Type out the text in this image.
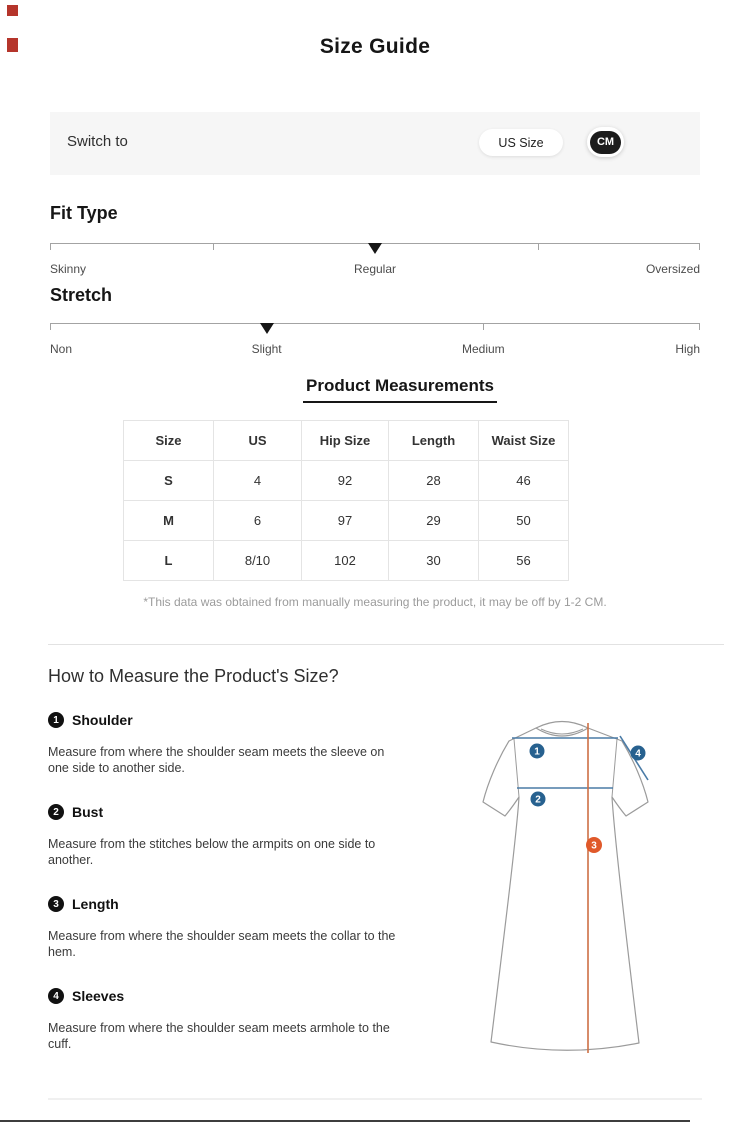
Size Guide
Switch to	US Size	CM
Fit Type
Skinny	Regular	Oversized
Stretch
Non	Slight	Medium	High
Product Measurements
Size	US	Hip Size	Length	Waist Size
S	4	92	28	46
M	6	97	29	50
L	8/10	102	30	56
*This data was obtained from manually measuring the product, it may be off by 1-2 CM.
How to Measure the Product's Size?
1 Shoulder
Measure from where the shoulder seam meets the sleeve on one side to another side.
2 Bust
Measure from the stitches below the armpits on one side to another.
3 Length
Measure from where the shoulder seam meets the collar to the hem.
4 Sleeves
Measure from where the shoulder seam meets armhole to the cuff.
1
2
3
4
